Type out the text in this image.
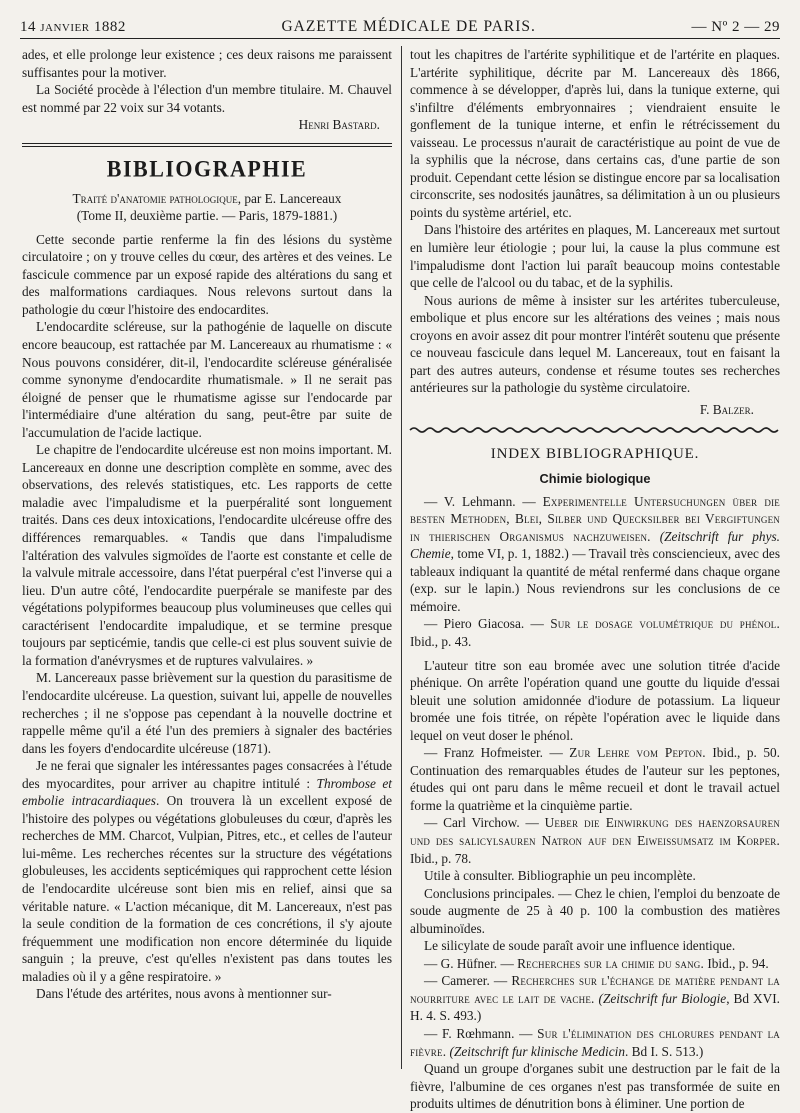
14 janvier 1882	GAZETTE MÉDICALE DE PARIS.	— Nº 2 — 29

ades, et elle prolonge leur existence ; ces deux raisons me paraissent suffisantes pour la motiver.

La Société procède à l'élection d'un membre titulaire. M. Chauvel est nommé par 22 voix sur 34 votants.

Henri Bastard.

BIBLIOGRAPHIE

Traité d'anatomie pathologique, par E. Lancereaux

(Tome II, deuxième partie. — Paris, 1879-1881.)

Cette seconde partie renferme la fin des lésions du système circulatoire ; on y trouve celles du cœur, des artères et des veines. Le fascicule commence par un exposé rapide des altérations du sang et des malformations cardiaques. Nous relevons surtout dans la pathologie du cœur l'histoire des endocardites.

L'endocardite scléreuse, sur la pathogénie de laquelle on discute encore beaucoup, est rattachée par M. Lancereaux au rhumatisme : « Nous pouvons considérer, dit-il, l'endocardite scléreuse généralisée comme synonyme d'endocardite rhumatismale. » Il ne serait pas éloigné de penser que le rhumatisme agisse sur l'endocarde par l'intermédiaire d'une altération du sang, peut-être par suite de l'accumulation de l'acide lactique.

Le chapitre de l'endocardite ulcéreuse est non moins important. M. Lancereaux en donne une description complète en somme, avec des observations, des relevés statistiques, etc. Les rapports de cette maladie avec l'impaludisme et la puerpéralité sont longuement traités. Dans ces deux intoxications, l'endocardite ulcéreuse offre des différences remarquables. « Tandis que dans l'impaludisme l'altération des valvules sigmoïdes de l'aorte est constante et celle de la valvule mitrale accessoire, dans l'état puerpéral c'est l'inverse qui a lieu. D'un autre côté, l'endocardite puerpérale se manifeste par des végétations polypiformes beaucoup plus volumineuses que celles qui caractérisent l'endocardite impaludique, et se termine presque toujours par septicémie, tandis que celle-ci est plus souvent suivie de la formation d'anévrysmes et de ruptures valvulaires. »

M. Lancereaux passe brièvement sur la question du parasitisme de l'endocardite ulcéreuse. La question, suivant lui, appelle de nouvelles recherches ; il ne s'oppose pas cependant à la nouvelle doctrine et rappelle même qu'il a été l'un des premiers à signaler des bactéries dans les foyers d'endocardite ulcéreuse (1871).

Je ne ferai que signaler les intéressantes pages consacrées à l'étude des myocardites, pour arriver au chapitre intitulé : Thrombose et embolie intracardiaques. On trouvera là un excellent exposé de l'histoire des polypes ou végétations globuleuses du cœur, d'après les recherches de MM. Charcot, Vulpian, Pitres, etc., et celles de l'auteur lui-même. Les recherches récentes sur la structure des végétations globuleuses, les accidents septicémiques qui rapprochent cette lésion de l'endocardite ulcéreuse sont bien mis en relief, ainsi que sa véritable nature. « L'action mécanique, dit M. Lancereaux, n'est pas la seule condition de la formation de ces concrétions, il s'y ajoute fréquemment une modification non encore déterminée du liquide sanguin ; la preuve, c'est qu'elles n'existent pas dans toutes les maladies où il y a gêne respiratoire. »

Dans l'étude des artérites, nous avons à mentionner sur-

tout les chapitres de l'artérite syphilitique et de l'artérite en plaques. L'artérite syphilitique, décrite par M. Lancereaux dès 1866, commence à se développer, d'après lui, dans la tunique externe, qui s'infiltre d'éléments embryonnaires ; viendraient ensuite le gonflement de la tunique interne, et enfin le rétrécissement du vaisseau. Le processus n'aurait de caractéristique au point de vue de la syphilis que la nécrose, dans certains cas, d'une partie de son produit. Cependant cette lésion se distingue encore par sa localisation circonscrite, ses nodosités jaunâtres, sa délimitation à un ou plusieurs points du système artériel, etc.

Dans l'histoire des artérites en plaques, M. Lancereaux met surtout en lumière leur étiologie ; pour lui, la cause la plus commune est l'impaludisme dont l'action lui paraît beaucoup moins contestable que celle de l'alcool ou du tabac, et de la syphilis.

Nous aurions de même à insister sur les artérites tuberculeuse, embolique et plus encore sur les altérations des veines ; mais nous croyons en avoir assez dit pour montrer l'intérêt soutenu que présente ce nouveau fascicule dans lequel M. Lancereaux, tout en faisant la part des autres auteurs, condense et résume toutes ses recherches antérieures sur la pathologie du système circulatoire.

F. Balzer.

INDEX BIBLIOGRAPHIQUE.
Chimie biologique

— V. Lehmann. — Experimentelle Untersuchungen über die besten Methoden, Blei, Silber und Quecksilber bei Vergiftungen in thierischen Organismus nachzuweisen. (Zeitschrift fur phys. Chemie, tome VI, p. 1, 1882.) — Travail très consciencieux, avec des tableaux indiquant la quantité de métal renfermé dans chaque organe (exp. sur le lapin.) Nous reviendrons sur les conclusions de ce mémoire.

— Piero Giacosa. — Sur le dosage volumétrique du phénol. Ibid., p. 43.

L'auteur titre son eau bromée avec une solution titrée d'acide phénique. On arrête l'opération quand une goutte du liquide d'essai bleuit une solution amidonnée d'iodure de potassium. La liqueur bromée une fois titrée, on répète l'opération avec le liquide dans lequel on veut doser le phénol.

— Franz Hofmeister. — Zur Lehre vom Pepton. Ibid., p. 50. Continuation des remarquables études de l'auteur sur les peptones, études qui ont paru dans le même recueil et dont le travail actuel forme la quatrième et la cinquième partie.

— Carl Virchow. — Ueber die Einwirkung des haenzorsauren und des salicylsauren Natron auf den Eiweissumsatz im Korper. Ibid., p. 78.

Utile à consulter. Bibliographie un peu incomplète.

Conclusions principales. — Chez le chien, l'emploi du benzoate de soude augmente de 25 à 40 p. 100 la combustion des matières albuminoïdes.

Le silicylate de soude paraît avoir une influence identique.

— G. Hüfner. — Recherches sur la chimie du sang. Ibid., p. 94.

— Camerer. — Recherches sur l'échange de matière pendant la nourriture avec le lait de vache. (Zeitschrift fur Biologie, Bd XVI. H. 4. S. 493.)

— F. Rœhmann. — Sur l'élimination des chlorures pendant la fièvre. (Zeitschrift fur klinische Medicin. Bd I. S. 513.)

Quand un groupe d'organes subit une destruction par le fait de la fièvre, l'albumine de ces organes n'est pas transformée de suite en produits ultimes de dénutrition bons à éliminer. Une portion de
